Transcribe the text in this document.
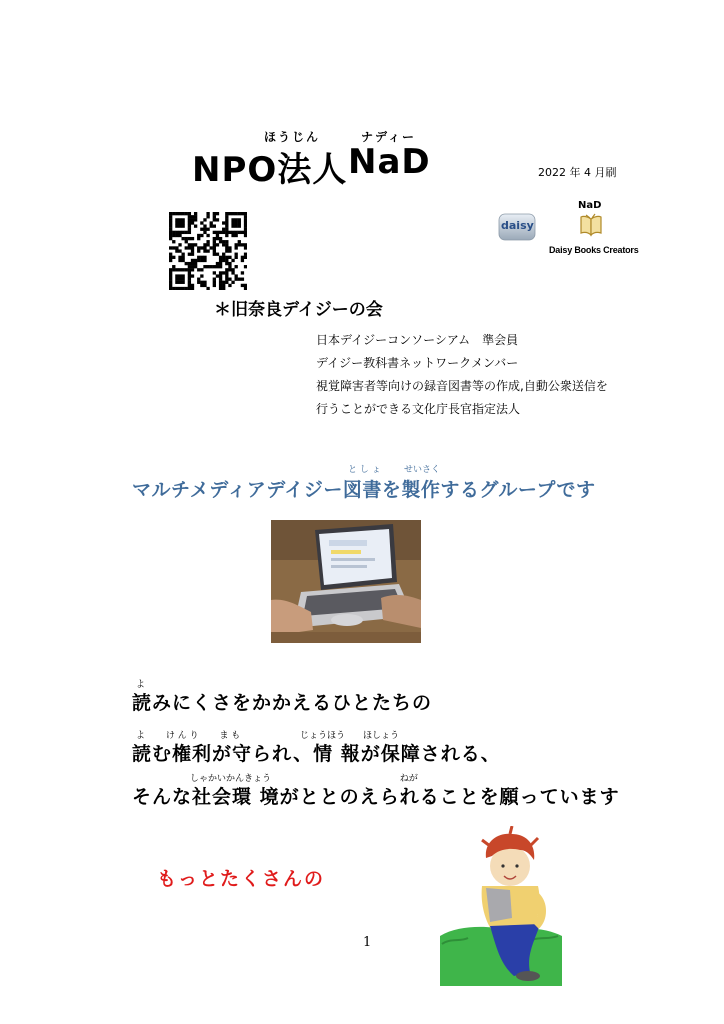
ほうじん	ナディー
NPO法人 NaD	2022 年 4 月刷
daisy
NaD
Daisy Books Creators
＊旧奈良デイジーの会
日本デイジーコンソーシアム　準会員
デイジー教科書ネットワークメンバー
視覚障害者等向けの録音図書等の作成,自動公衆送信を
行うことができる文化庁長官指定法人
と し ょ	せいさく
マルチメディアデイジー図書を製作するグループです
よ
読みにくさをかかえるひとたちの
よ　　 け ん り　　 ま も　　　　　　  じょうほう　　ほしょう
読む権利が守られ、情 報が保障される、
しゃかいかんきょう　　　　　　　　　　　　　　 ねが
そんな社会環 境がととのえられることを願っています
もっとたくさんの
1
